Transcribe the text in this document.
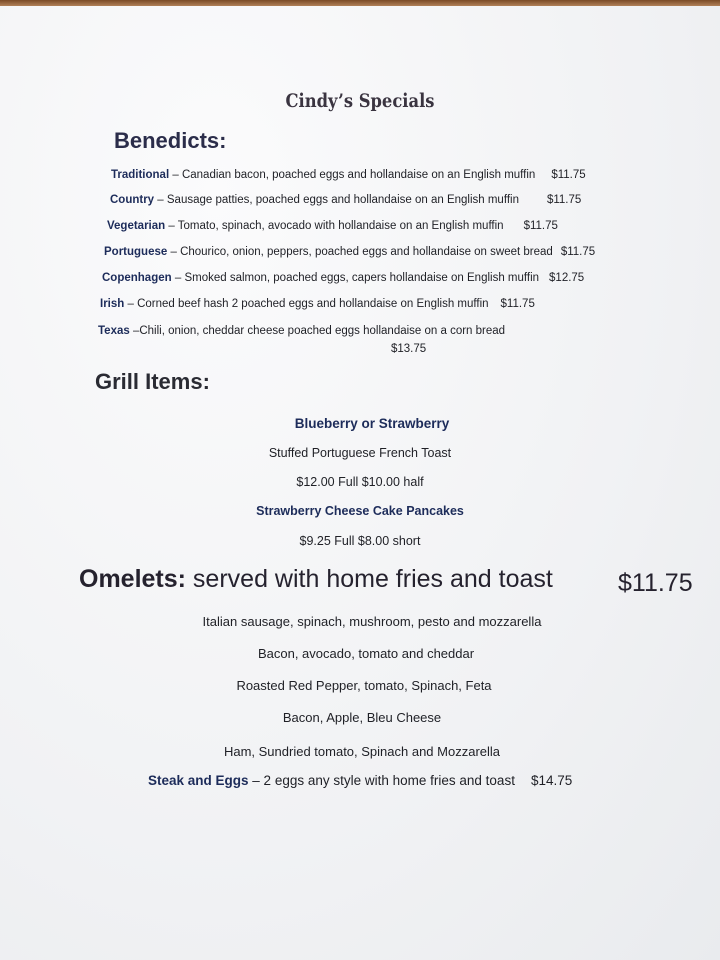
Cindy’s Specials
Benedicts:
Traditional – Canadian bacon, poached eggs and hollandaise on an English muffin $11.75
Country – Sausage patties, poached eggs and hollandaise on an English muffin $11.75
Vegetarian – Tomato, spinach, avocado with hollandaise on an English muffin $11.75
Portuguese – Chourico, onion, peppers, poached eggs and hollandaise on sweet bread $11.75
Copenhagen – Smoked salmon, poached eggs, capers hollandaise on English muffin $12.75
Irish – Corned beef hash 2 poached eggs and hollandaise on English muffin $11.75
Texas –Chili, onion, cheddar cheese poached eggs hollandaise on a corn bread
$13.75
Grill Items:
Blueberry or Strawberry
Stuffed Portuguese French Toast
$12.00 Full $10.00 half
Strawberry Cheese Cake Pancakes
$9.25 Full $8.00 short
Omelets: served with home fries and toast	$11.75
Italian sausage, spinach, mushroom, pesto and mozzarella
Bacon, avocado, tomato and cheddar
Roasted Red Pepper, tomato, Spinach, Feta
Bacon, Apple, Bleu Cheese
Ham, Sundried tomato, Spinach and Mozzarella
Steak and Eggs – 2 eggs any style with home fries and toast $14.75
